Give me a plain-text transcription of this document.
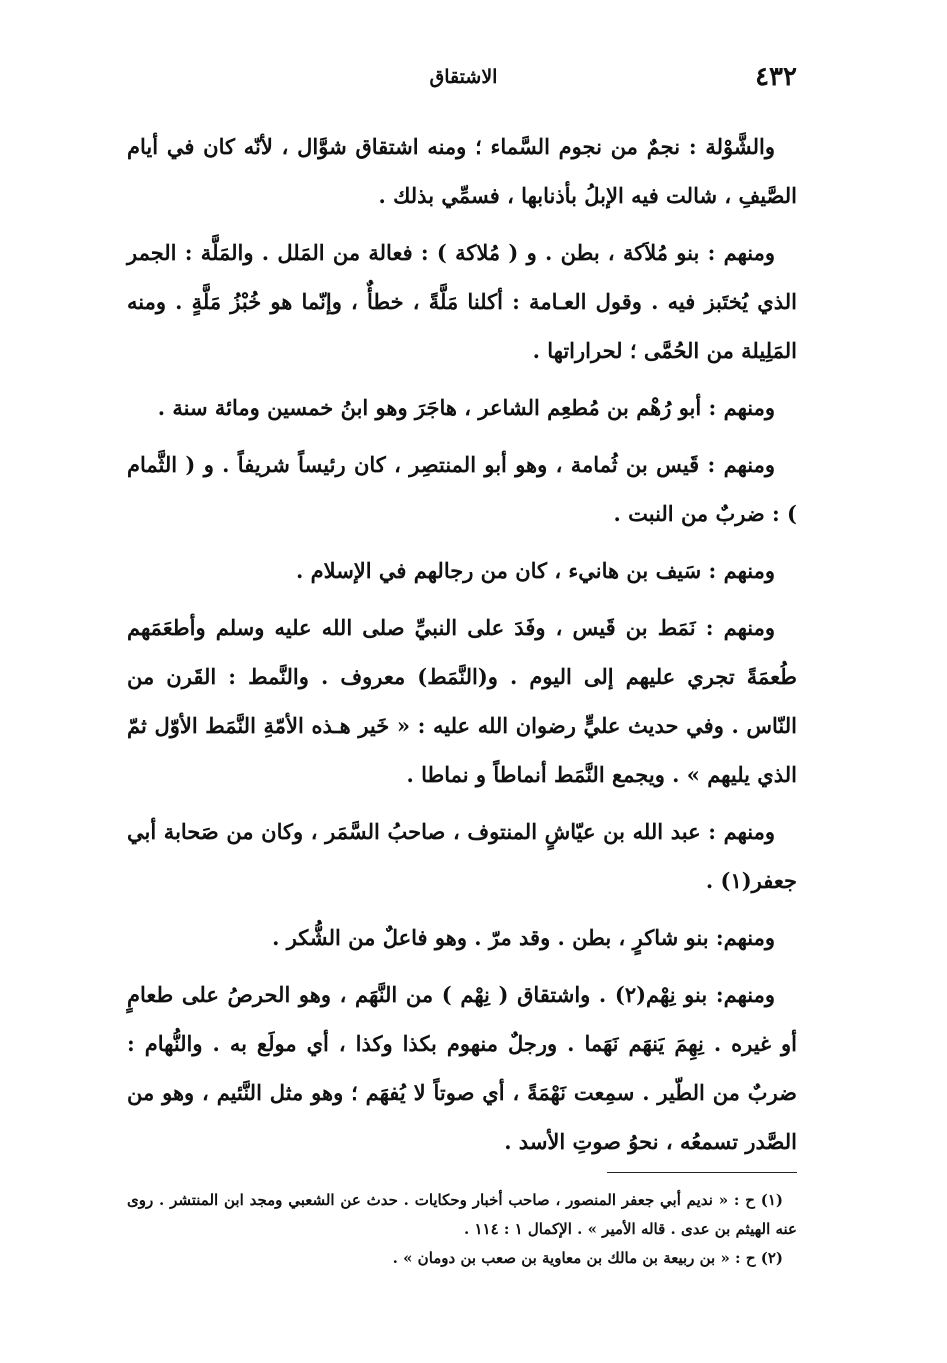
٤٣٢
الاشتقاق

والشَّوْلة : نجمٌ من نجوم السَّماء ؛ ومنه اشتقاق شوَّال ، لأنّه كان في أيام الصَّيفِ ، شالت فيه الإبلُ بأذنابها ، فسمِّي بذلك .

ومنهم : بنو مُلاَكة ، بطن . و ( مُلاكة ) : فعالة من المَلل . والمَلَّة : الجمر الذي يُختَبز فيه . وقول العـامة : أكلنا مَلَّةً ، خطأٌ ، وإنّما هو خُبْزُ مَلَّةٍ . ومنه المَلِيلة من الحُمَّى ؛ لحراراتها .

ومنهم : أبو رُهْم بن مُطعِم الشاعر ، هاجَرَ وهو ابنُ خمسين ومائة سنة .

ومنهم : قَيس بن ثُمامة ، وهو أبو المنتصِر ، كان رئيساً شريفاً . و ( الثَّمام ) : ضربٌ من النبت .

ومنهم : سَيف بن هانيء ، كان من رجالهم في الإسلام .

ومنهم : نَمَط بن قَيس ، وفَدَ على النبيِّ صلى الله عليه وسلم وأطعَمَهم طُعمَةً تجري عليهم إلى اليوم . و(النَّمَط) معروف . والنَّمط : القَرن من النّاس . وفي حديث عليٍّ رضوان الله عليه : « خَير هـذه الأمّةِ النَّمَط الأوّل ثمّ الذي يليهم » . ويجمع النَّمَط أنماطاً و نماطا .

ومنهم : عبد الله بن عيّاشٍ المنتوف ، صاحبُ السَّمَر ، وكان من صَحابة أبي جعفر(١) .

ومنهم: بنو شاكرٍ ، بطن . وقد مرّ . وهو فاعلٌ من الشُّكر .

ومنهم: بنو نِهْم(٢) . واشتقاق ( نِهْم ) من النَّهَم ، وهو الحرصُ على طعامٍ أو غيره . نِهِمَ يَنهَم نَهَما . ورجلٌ منهوم بكذا وكذا ، أي مولَع به . والنُّهام : ضربٌ من الطّير . سمِعت نَهْمَةً ، أي صوتاً لا يُفهَم ؛ وهو مثل النَّئيم ، وهو من الصَّدر تسمعُه ، نحوُ صوتِ الأسد .

(١) ح : « نديم أبي جعفر المنصور ، صاحب أخبار وحكايات . حدث عن الشعبي ومجد ابن المنتشر . روى عنه الهيثم بن عدى . قاله الأمير » . الإكمال ١ : ١١٤ .

(٢) ح : « بن ربيعة بن مالك بن معاوية بن صعب بن دومان » .
